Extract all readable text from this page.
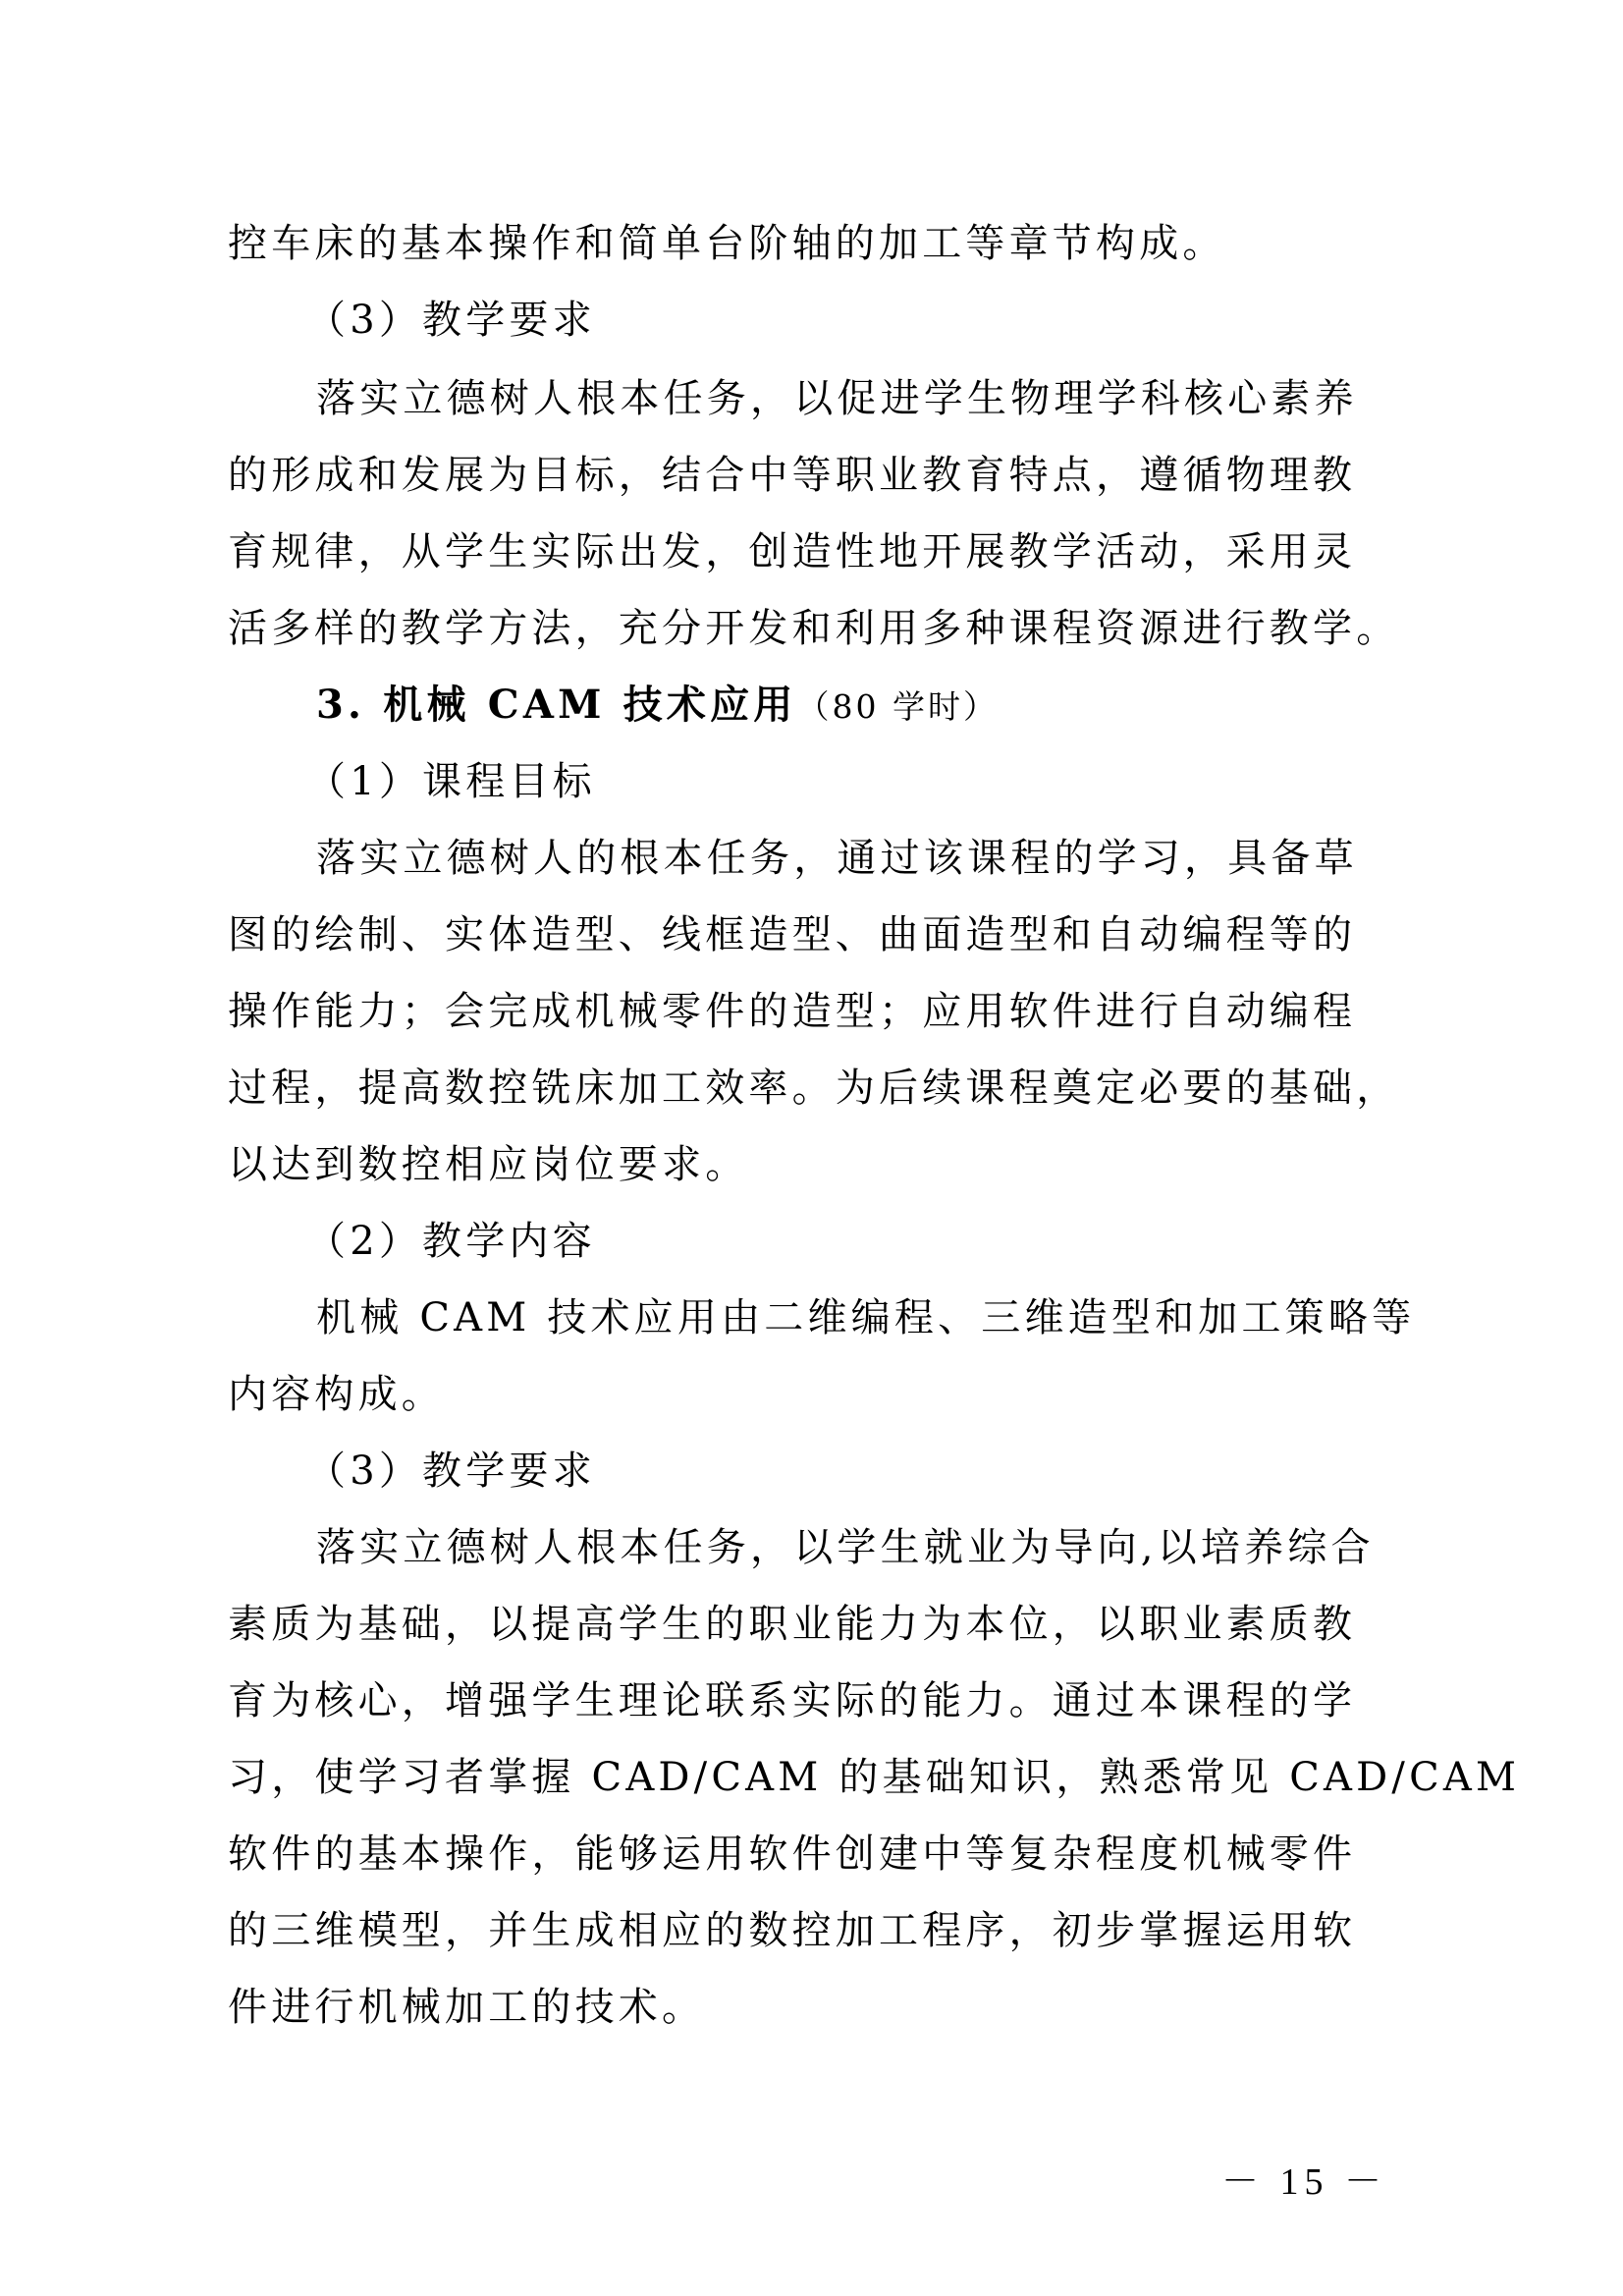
控车床的基本操作和简单台阶轴的加工等章节构成。

（3）教学要求

落实立德树人根本任务，以促进学生物理学科核心素养

的形成和发展为目标，结合中等职业教育特点，遵循物理教

育规律，从学生实际出发，创造性地开展教学活动，采用灵

活多样的教学方法，充分开发和利用多种课程资源进行教学。

3. 机械 CAM 技术应用（80 学时）

（1）课程目标

落实立德树人的根本任务，通过该课程的学习，具备草

图的绘制、实体造型、线框造型、曲面造型和自动编程等的

操作能力；会完成机械零件的造型；应用软件进行自动编程

过程，提高数控铣床加工效率。为后续课程奠定必要的基础，

以达到数控相应岗位要求。

（2）教学内容

机械 CAM 技术应用由二维编程、三维造型和加工策略等

内容构成。

（3）教学要求

落实立德树人根本任务，以学生就业为导向,以培养综合

素质为基础，以提高学生的职业能力为本位，以职业素质教

育为核心，增强学生理论联系实际的能力。通过本课程的学

习，使学习者掌握 CAD/CAM 的基础知识，熟悉常见 CAD/CAM

软件的基本操作，能够运用软件创建中等复杂程度机械零件

的三维模型，并生成相应的数控加工程序，初步掌握运用软

件进行机械加工的技术。

－ 15 －
